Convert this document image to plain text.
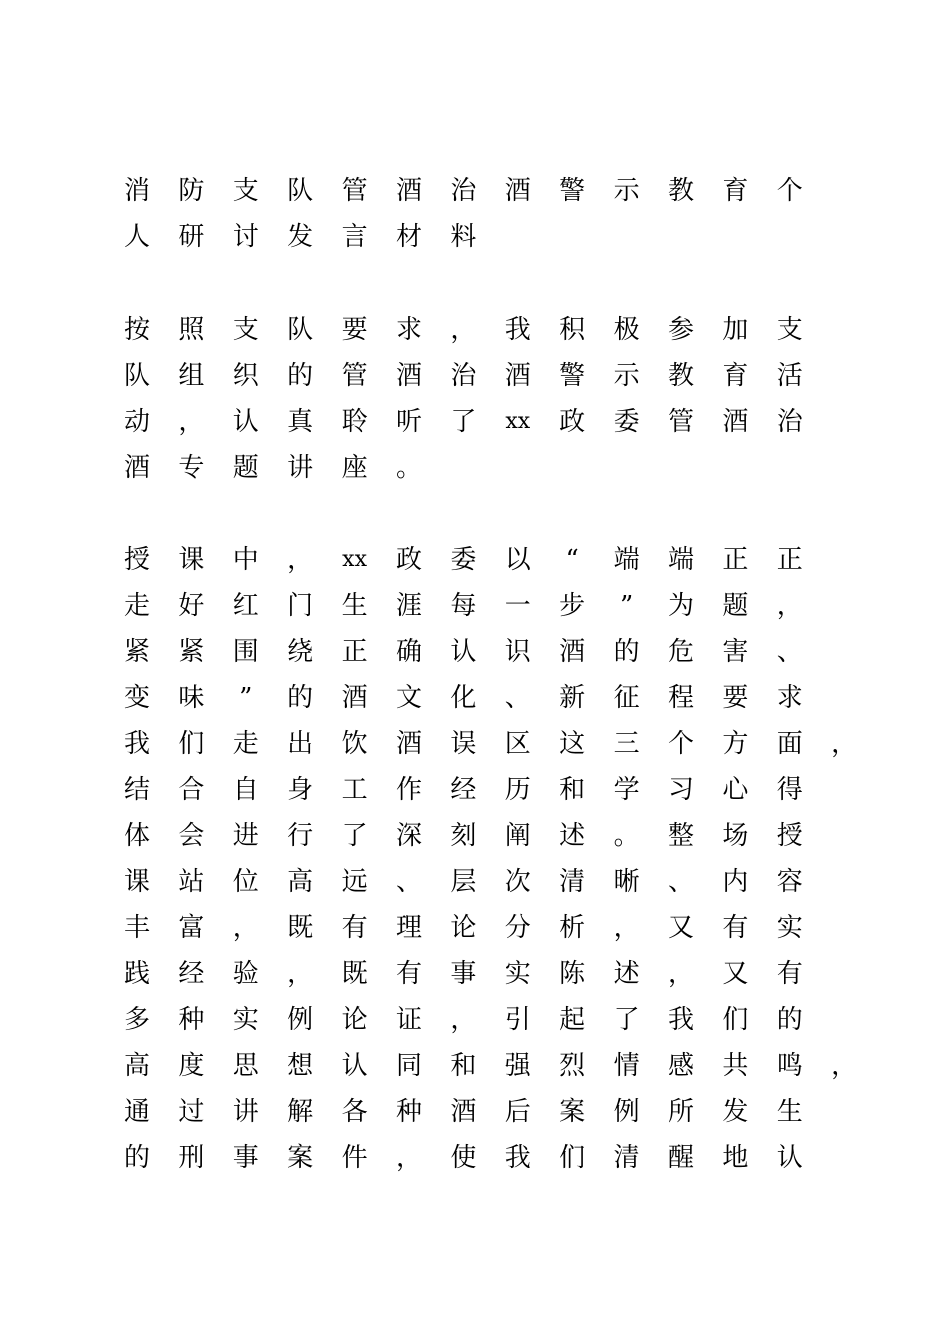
消 防 支 队 管 酒 治 酒 警 示 教 育 个
人 研 讨 发 言 材 料
按 照 支 队 要 求 ， 我 积 极 参 加 支
队 组 织 的 管 酒 治 酒 警 示 教 育 活
动 ， 认 真 聆 听 了 xx 政 委 管 酒 治
酒 专 题 讲 座 。
授 课 中 ， xx 政 委 以	“	端 端 正 正
走 好 红 门 生 涯 每 一 步	”	为 题 ，
紧 紧 围 绕 正 确 认 识 酒 的 危 害 、
变 味	”	的 酒 文 化 、 新 征 程 要 求
我 们 走 出 饮 酒 误 区 这 三 个 方 面 ，
结 合 自 身 工 作 经 历 和 学 习 心 得
体 会 进 行 了 深 刻 阐 述 。 整 场 授
课 站 位 高 远 、 层 次 清 晰 、 内 容
丰 富 ， 既 有 理 论 分 析 ， 又 有 实
践 经 验 ， 既 有 事 实 陈 述 ， 又 有
多 种 实 例 论 证 ， 引 起 了 我 们 的
高 度 思 想 认 同 和 强 烈 情 感 共 鸣 ，
通 过 讲 解 各 种 酒 后 案 例 所 发 生
的 刑 事 案 件 ， 使 我 们 清 醒 地 认
